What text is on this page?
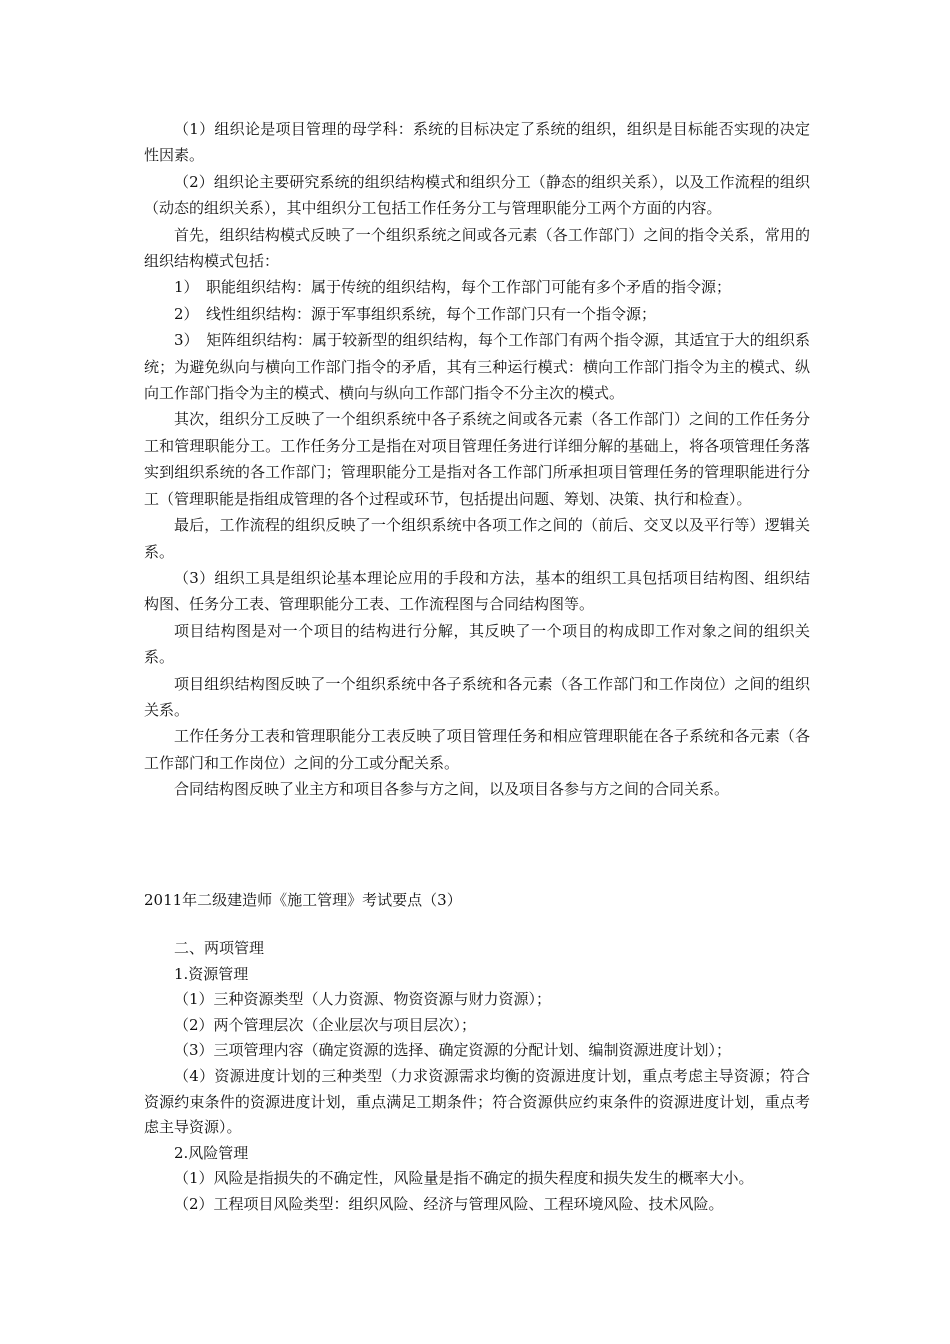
（1）组织论是项目管理的母学科：系统的目标决定了系统的组织，组织是目标能否实现的决定性因素。

（2）组织论主要研究系统的组织结构模式和组织分工（静态的组织关系），以及工作流程的组织（动态的组织关系），其中组织分工包括工作任务分工与管理职能分工两个方面的内容。

首先，组织结构模式反映了一个组织系统之间或各元素（各工作部门）之间的指令关系，常用的组织结构模式包括：

1）　职能组织结构：属于传统的组织结构，每个工作部门可能有多个矛盾的指令源；

2）　线性组织结构：源于军事组织系统，每个工作部门只有一个指令源；

3）　矩阵组织结构：属于较新型的组织结构，每个工作部门有两个指令源，其适宜于大的组织系统；为避免纵向与横向工作部门指令的矛盾，其有三种运行模式：横向工作部门指令为主的模式、纵向工作部门指令为主的模式、横向与纵向工作部门指令不分主次的模式。

其次，组织分工反映了一个组织系统中各子系统之间或各元素（各工作部门）之间的工作任务分工和管理职能分工。工作任务分工是指在对项目管理任务进行详细分解的基础上，将各项管理任务落实到组织系统的各工作部门；管理职能分工是指对各工作部门所承担项目管理任务的管理职能进行分工（管理职能是指组成管理的各个过程或环节，包括提出问题、筹划、决策、执行和检查）。

最后，工作流程的组织反映了一个组织系统中各项工作之间的（前后、交叉以及平行等）逻辑关系。

（3）组织工具是组织论基本理论应用的手段和方法，基本的组织工具包括项目结构图、组织结构图、任务分工表、管理职能分工表、工作流程图与合同结构图等。

项目结构图是对一个项目的结构进行分解，其反映了一个项目的构成即工作对象之间的组织关系。

项目组织结构图反映了一个组织系统中各子系统和各元素（各工作部门和工作岗位）之间的组织关系。

工作任务分工表和管理职能分工表反映了项目管理任务和相应管理职能在各子系统和各元素（各工作部门和工作岗位）之间的分工或分配关系。

合同结构图反映了业主方和项目各参与方之间，以及项目各参与方之间的合同关系。

2011年二级建造师《施工管理》考试要点（3）

二、两项管理

1.资源管理

（1）三种资源类型（人力资源、物资资源与财力资源）；

（2）两个管理层次（企业层次与项目层次）；

（3）三项管理内容（确定资源的选择、确定资源的分配计划、编制资源进度计划）；

（4）资源进度计划的三种类型（力求资源需求均衡的资源进度计划，重点考虑主导资源；符合资源约束条件的资源进度计划，重点满足工期条件；符合资源供应约束条件的资源进度计划，重点考虑主导资源）。

2.风险管理

（1）风险是指损失的不确定性，风险量是指不确定的损失程度和损失发生的概率大小。

（2）工程项目风险类型：组织风险、经济与管理风险、工程环境风险、技术风险。
